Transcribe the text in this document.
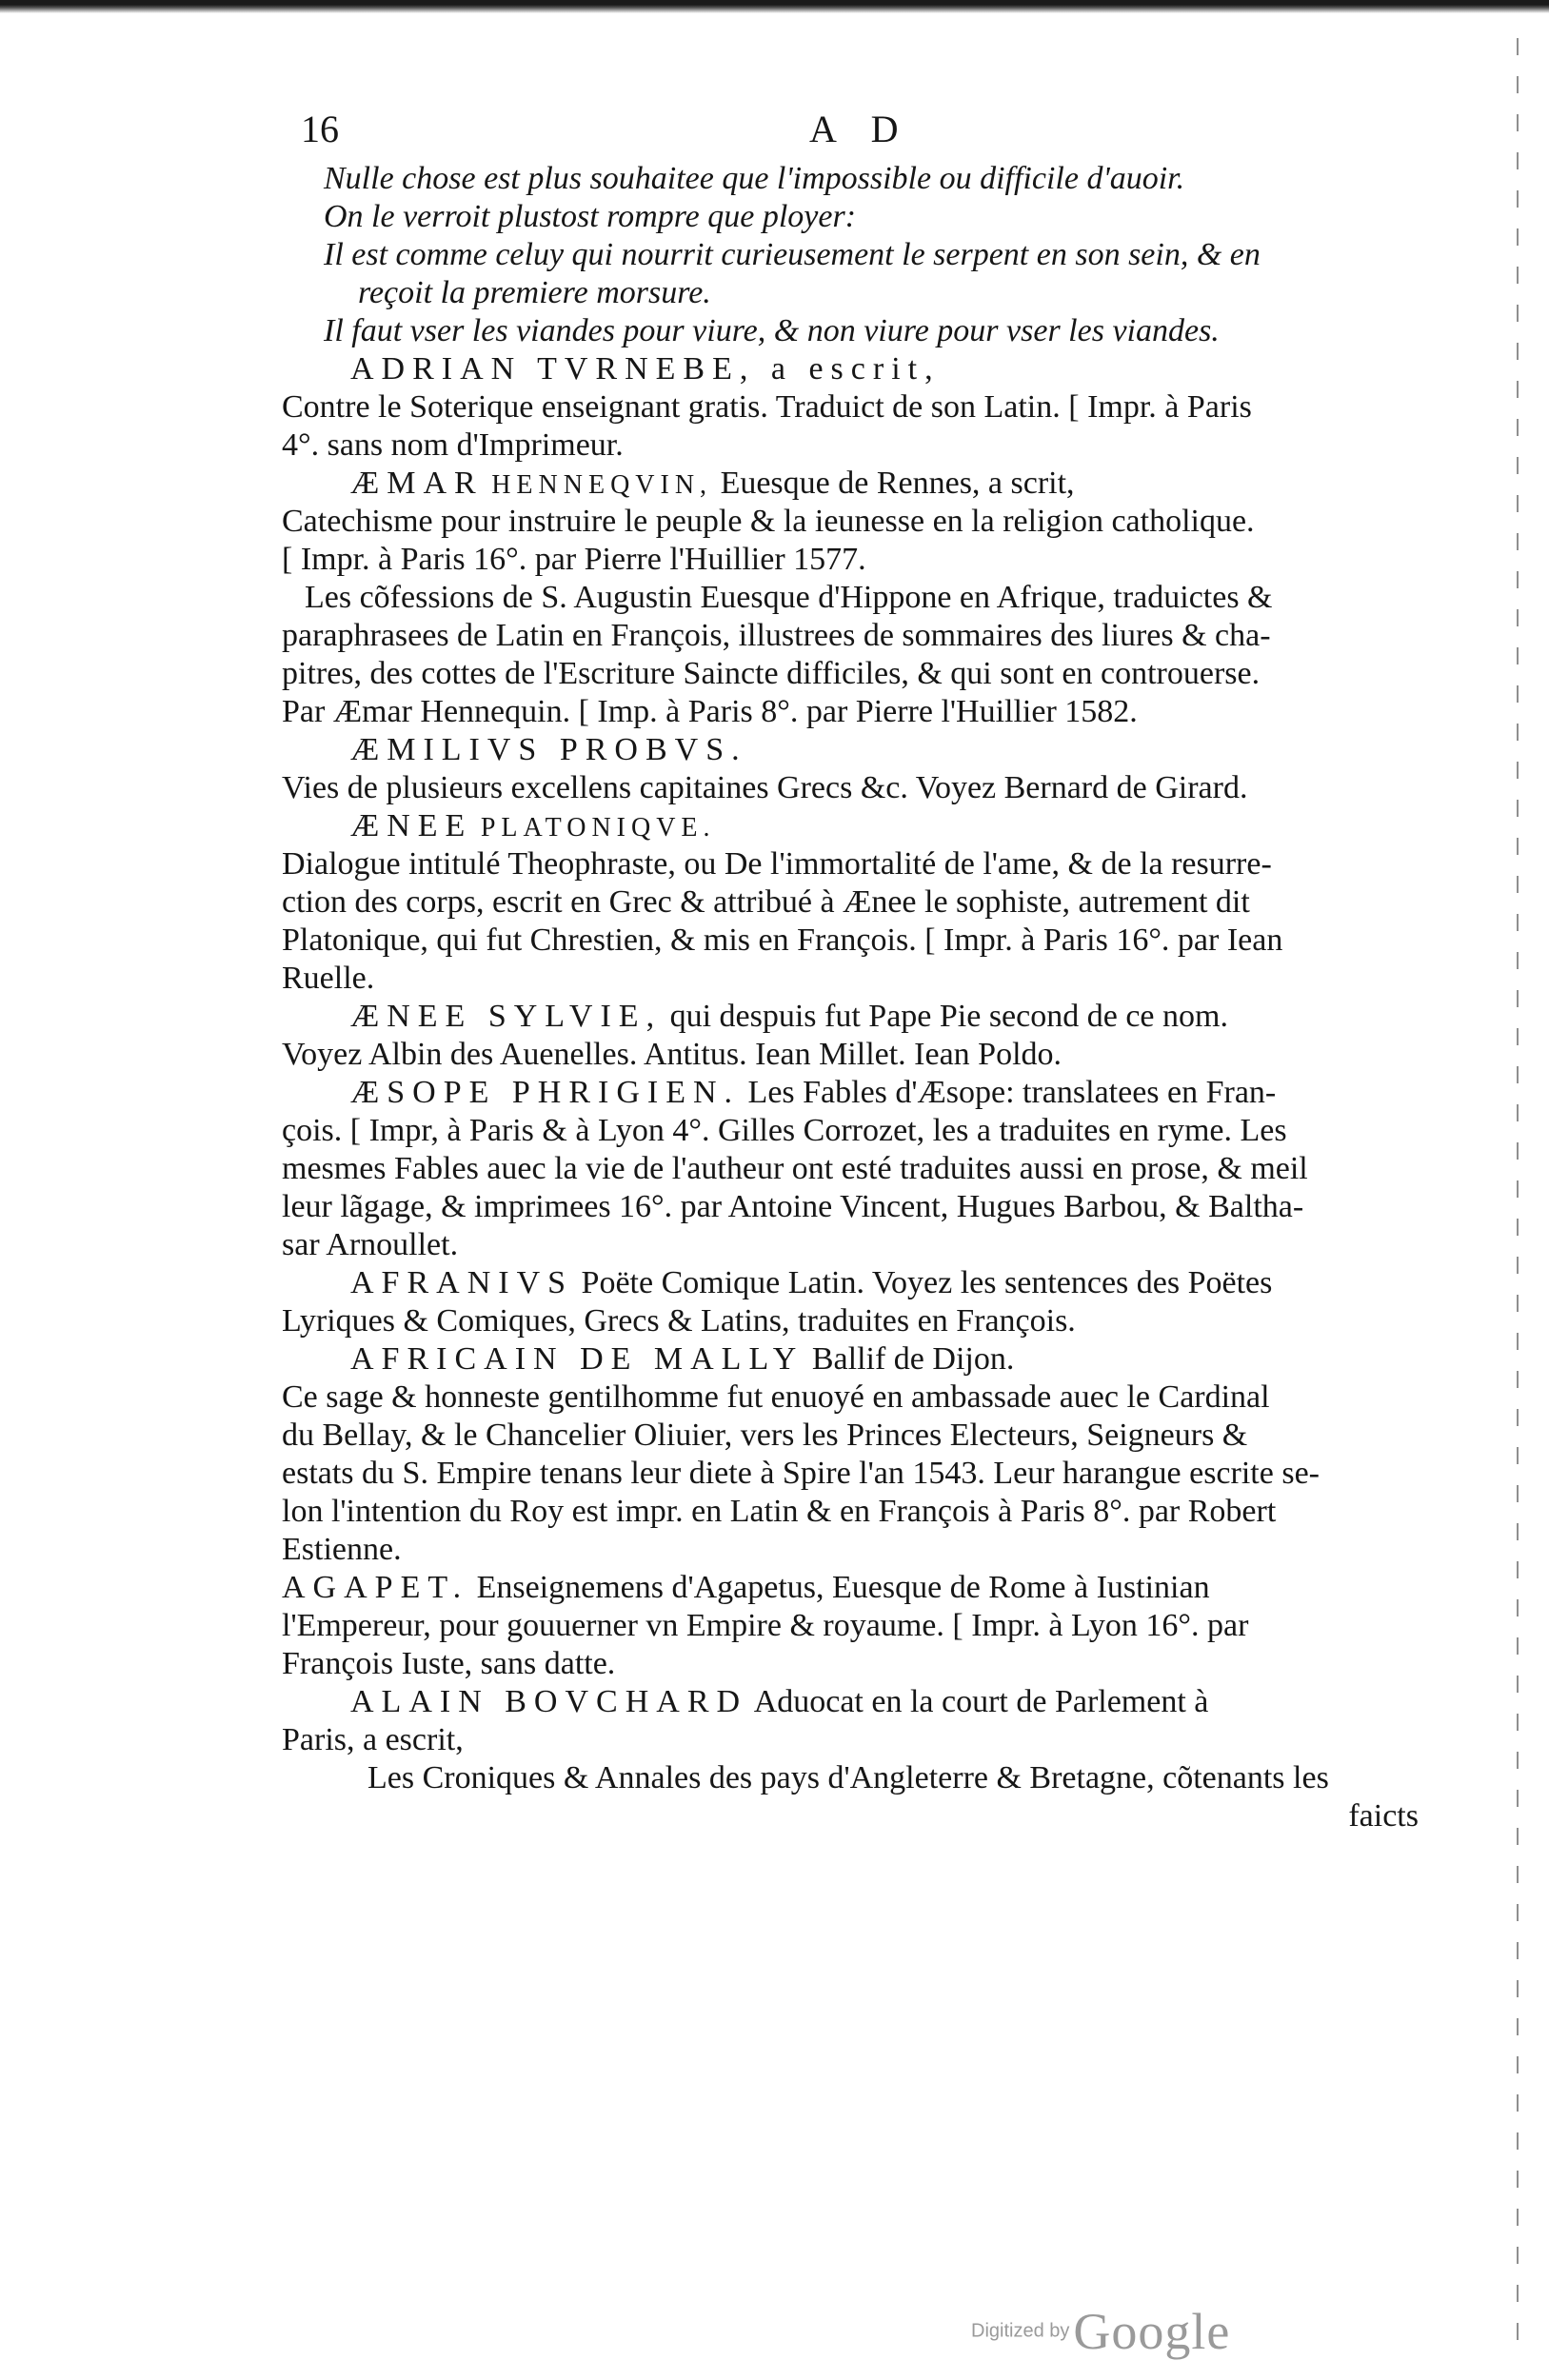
16	A D
Nulle chose est plus souhaitee que l'impossible ou difficile d'auoir.
On le verroit plustost rompre que ployer:
Il est comme celuy qui nourrit curieusement le serpent en son sein, & en
reçoit la premiere morsure.
Il faut vser les viandes pour viure, & non viure pour vser les viandes.
ADRIAN TVRNEBE, a escrit,
Contre le Soterique enseignant gratis. Traduict de son Latin. [ Impr. à Paris
4°. sans nom d'Imprimeur.
ÆMAR HENNEQVIN, Euesque de Rennes, a scrit,
Catechisme pour instruire le peuple & la ieunesse en la religion catholique.
[ Impr. à Paris 16°. par Pierre l'Huillier 1577.
Les cõfessions de S. Augustin Euesque d'Hippone en Afrique, traduictes &
paraphrasees de Latin en François, illustrees de sommaires des liures & cha-
pitres, des cottes de l'Escriture Saincte difficiles, & qui sont en controuerse.
Par Æmar Hennequin. [ Imp. à Paris 8°. par Pierre l'Huillier 1582.
ÆMILIVS PROBVS.
Vies de plusieurs excellens capitaines Grecs &c. Voyez Bernard de Girard.
ÆNEE PLATONIQVE.
Dialogue intitulé Theophraste, ou De l'immortalité de l'ame, & de la resurre-
ction des corps, escrit en Grec & attribué à Ænee le sophiste, autrement dit
Platonique, qui fut Chrestien, & mis en François. [ Impr. à Paris 16°. par Iean
Ruelle.
ÆNEE SYLVIE, qui despuis fut Pape Pie second de ce nom.
Voyez Albin des Auenelles. Antitus. Iean Millet. Iean Poldo.
ÆSOPE PHRIGIEN. Les Fables d'Æsope: translatees en Fran-
çois. [ Impr, à Paris & à Lyon 4°. Gilles Corrozet, les a traduites en ryme. Les
mesmes Fables auec la vie de l'autheur ont esté traduites aussi en prose, & meil
leur lãgage, & imprimees 16°. par Antoine Vincent, Hugues Barbou, & Baltha-
sar Arnoullet.
AFRANIVS Poëte Comique Latin. Voyez les sentences des Poëtes
Lyriques & Comiques, Grecs & Latins, traduites en François.
AFRICAIN DE MALLY Ballif de Dijon.
Ce sage & honneste gentilhomme fut enuoyé en ambassade auec le Cardinal
du Bellay, & le Chancelier Oliuier, vers les Princes Electeurs, Seigneurs &
estats du S. Empire tenans leur diete à Spire l'an 1543. Leur harangue escrite se-
lon l'intention du Roy est impr. en Latin & en François à Paris 8°. par Robert
Estienne.
AGAPET. Enseignemens d'Agapetus, Euesque de Rome à Iustinian
l'Empereur, pour gouuerner vn Empire & royaume. [ Impr. à Lyon 16°. par
François Iuste, sans datte.
ALAIN BOVCHARD Aduocat en la court de Parlement à
Paris, a escrit,
Les Croniques & Annales des pays d'Angleterre & Bretagne, cõtenants les
faicts
Digitized by Google
